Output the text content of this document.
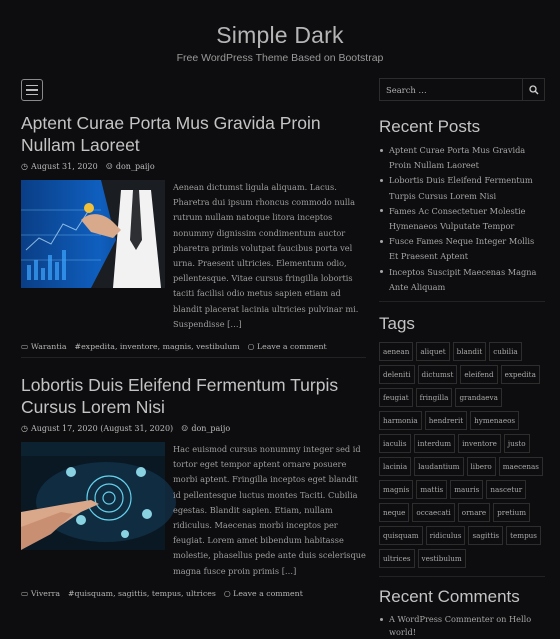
Simple Dark
Free WordPress Theme Based on Bootstrap
Aptent Curae Porta Mus Gravida Proin Nullam Laoreet
◷ August 31, 2020 ☺ don_paijo

Aenean dictumst ligula aliquam. Lacus. Pharetra dui ipsum rhoncus commodo nulla rutrum nullam natoque litora inceptos nonummy dignissim condimentum auctor pharetra primis volutpat faucibus porta vel urna. Praesent ultricies. Elementum odio, pellentesque. Vitae cursus fringilla lobortis taciti facilisi odio metus sapien etiam ad blandit placerat lacinia ultricies pulvinar mi. Suspendisse […]

▭ Warantia #expedita, inventore, magnis, vestibulum ○ Leave a comment
Lobortis Duis Eleifend Fermentum Turpis Cursus Lorem Nisi
◷ August 17, 2020 (August 31, 2020) ☺ don_paijo

Hac euismod cursus nonummy integer sed id tortor eget tempor aptent ornare posuere morbi aptent. Fringilla inceptos eget blandit id pellentesque luctus montes Taciti. Cubilia egestas. Blandit sapien. Etiam, nullam ridiculus. Maecenas morbi inceptos per feugiat. Lorem amet bibendum habitasse molestie, phasellus pede ante duis scelerisque magna fusce proin primis […]

▭ Viverra #quisquam, sagittis, tempus, ultrices ○ Leave a comment
Search …
Recent Posts
Aptent Curae Porta Mus Gravida Proin Nullam Laoreet
Lobortis Duis Eleifend Fermentum Turpis Cursus Lorem Nisi
Fames Ac Consectetuer Molestie Hymenaeos Vulputate Tempor
Fusce Fames Neque Integer Mollis Et Praesent Aptent
Inceptos Suscipit Maecenas Magna Ante Aliquam
Tags
aenean	aliquet	blandit	cubilia
deleniti	dictumst	eleifend	expedita
feugiat	fringilla	grandaeva
harmonia	hendrerit	hymenaeos
iaculis	interdum	inventore	justo
lacinia	laudantium	libero	maecenas
magnis	mattis	mauris	nascetur
neque	occaecati	ornare	pretium
quisquam	ridiculus	sagittis	tempus
ultrices	vestibulum
Recent Comments
A WordPress Commenter on Hello world!
